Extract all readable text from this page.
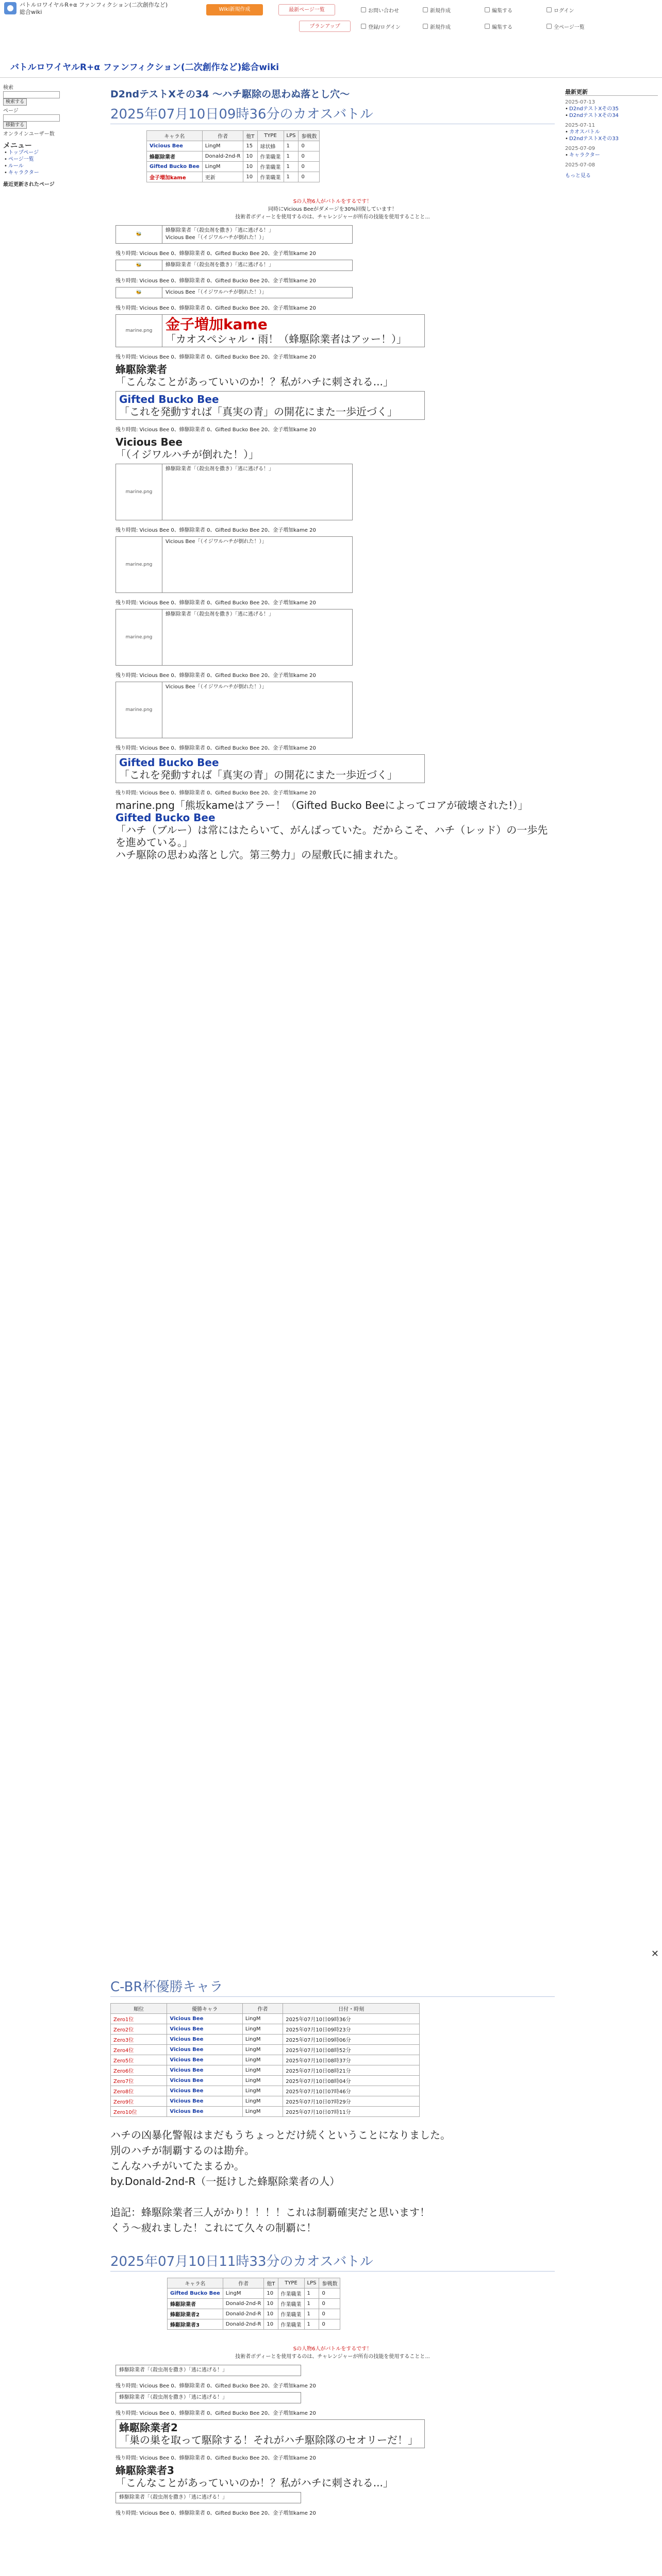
バトルロワイヤルR+α ファンフィクション(二次創作など)総合wiki	Wiki新規作成	最新ページ一覧
プランアップ
お問い合わせ	新規作成	編集する	ログイン
登録/ログイン	新規作成	編集する	全ページ一覧
バトルロワイヤルR+α ファンフィクション(二次創作など)総合wiki
検索
検索する
ページ
移動する
オンラインユーザー数
メニュー
• トップページ
• ページ一覧
• ルール
• キャラクター
最近更新されたページ
最新更新
2025-07-13
• D2ndテストXその35
• D2ndテストXその34
2025-07-11
• カオスバトル
• D2ndテストXその33
2025-07-09
• キャラクター
2025-07-08
もっと見る
D2ndテストXその34 ～ハチ駆除の思わぬ落とし穴～
2025年07月10日09時36分のカオスバトル
キャラ名	作者	他T	TYPE	LPS	参戦数
Vicious Bee	LingM	15	球状蜂	1	0
蜂駆除業者	Donald-2nd-R	10	作業職業	1	0
Gifted Bucko Bee	LingM	10	作業職業	1	0
金子増加kame	更新	10	作業職業	1	0
Sの人物6人がバトルをするです！
同時にVicious Beeがダメージを30%回復しています！
技術者ボディーとを使用するのは、チャレンジャーが所有の技能を使用することと...
🐝
蜂駆除業者「（殺虫剤を撒き）「逃に逃げる！」
Vicious Bee「（イジワルハチが倒れた！）」
残り時間: Vicious Bee 0、蜂駆除業者 0、Gifted Bucko Bee 20、金子増加kame 20
🐝	蜂駆除業者「（殺虫剤を撒き）「逃に逃げる！」
残り時間: Vicious Bee 0、蜂駆除業者 0、Gifted Bucko Bee 20、金子増加kame 20
🐝	Vicious Bee「（イジワルハチが倒れた！）」
残り時間: Vicious Bee 0、蜂駆除業者 0、Gifted Bucko Bee 20、金子増加kame 20
marine.png 金子増加kame
「カオスペシャル・雨！（蜂駆除業者はアッー！）」
残り時間: Vicious Bee 0、蜂駆除業者 0、Gifted Bucko Bee 20、金子増加kame 20
蜂駆除業者
「こんなことがあっていいのか！？私がハチに刺される...」
Gifted Bucko Bee
「これを発動すれば「真実の青」の開花にまた一歩近づく」
残り時間: Vicious Bee 0、蜂駆除業者 0、Gifted Bucko Bee 20、金子増加kame 20
Vicious Bee
「（イジワルハチが倒れた！）」
marine.png
蜂駆除業者「（殺虫剤を撒き）「逃に逃げる！」
残り時間: Vicious Bee 0、蜂駆除業者 0、Gifted Bucko Bee 20、金子増加kame 20
marine.png
Vicious Bee「（イジワルハチが倒れた！）」
残り時間: Vicious Bee 0、蜂駆除業者 0、Gifted Bucko Bee 20、金子増加kame 20
marine.png
蜂駆除業者「（殺虫剤を撒き）「逃に逃げる！」
残り時間: Vicious Bee 0、蜂駆除業者 0、Gifted Bucko Bee 20、金子増加kame 20
marine.png
Vicious Bee「（イジワルハチが倒れた！）」
残り時間: Vicious Bee 0、蜂駆除業者 0、Gifted Bucko Bee 20、金子増加kame 20
Gifted Bucko Bee
「これを発動すれば「真実の青」の開花にまた一歩近づく」
残り時間: Vicious Bee 0、蜂駆除業者 0、Gifted Bucko Bee 20、金子増加kame 20
marine.png「熊坂kameはアラー！（Gifted Bucko Beeによってコアが破壊された!）」
Gifted Bucko Bee
「ハチ（ブルー）は常にはたらいて、がんばっていた。だからこそ、ハチ（レッド）の一歩先を進めている。」
ハチ駆除の思わぬ落とし穴。第三勢力」の屋敷氏に捕まれた。
✕
C-BR杯優勝キャラ
順位	優勝キャラ	作者	日付・時刻
Zero1位	Vicious Bee	LingM	2025年07月10日09時36分
Zero2位	Vicious Bee	LingM	2025年07月10日09時23分
Zero3位	Vicious Bee	LingM	2025年07月10日09時06分
Zero4位	Vicious Bee	LingM	2025年07月10日08時52分
Zero5位	Vicious Bee	LingM	2025年07月10日08時37分
Zero6位	Vicious Bee	LingM	2025年07月10日08時21分
Zero7位	Vicious Bee	LingM	2025年07月10日08時04分
Zero8位	Vicious Bee	LingM	2025年07月10日07時46分
Zero9位	Vicious Bee	LingM	2025年07月10日07時29分
Zero10位	Vicious Bee	LingM	2025年07月10日07時11分
ハチの凶暴化警報はまだもうちょっとだけ続くということになりました。
別のハチが制覇するのは勘弁。
こんなハチがいてたまるか。
by.Donald-2nd-R（一挺けした蜂駆除業者の人）
追記：蜂駆除業者三人がかり！！！！これは制覇確実だと思います！
くう～疲れました！これにて久々の制覇に！
2025年07月10日11時33分のカオスバトル
キャラ名	作者	他T	TYPE	LPS	参戦数
Gifted Bucko Bee	LingM	10	作業職業	1	0
蜂駆除業者	Donald-2nd-R	10	作業職業	1	0
蜂駆除業者2	Donald-2nd-R	10	作業職業	1	0
蜂駆除業者3	Donald-2nd-R	10	作業職業	1	0
Sの人物6人がバトルをするです！
技術者ボディーとを使用するのは、チャレンジャーが所有の技能を使用することと...
蜂駆除業者「（殺虫剤を撒き）「逃に逃げる！」
残り時間: Vicious Bee 0、蜂駆除業者 0、Gifted Bucko Bee 20、金子増加kame 20
蜂駆除業者「（殺虫剤を撒き）「逃に逃げる！」
残り時間: Vicious Bee 0、蜂駆除業者 0、Gifted Bucko Bee 20、金子増加kame 20
蜂駆除業者2
「巣の巣を取って駆除する！それがハチ駆除隊のセオリーだ！」
残り時間: Vicious Bee 0、蜂駆除業者 0、Gifted Bucko Bee 20、金子増加kame 20
蜂駆除業者3
「こんなことがあっていいのか！？私がハチに刺される...」
蜂駆除業者「（殺虫剤を撒き）「逃に逃げる！」
残り時間: Vicious Bee 0、蜂駆除業者 0、Gifted Bucko Bee 20、金子増加kame 20
